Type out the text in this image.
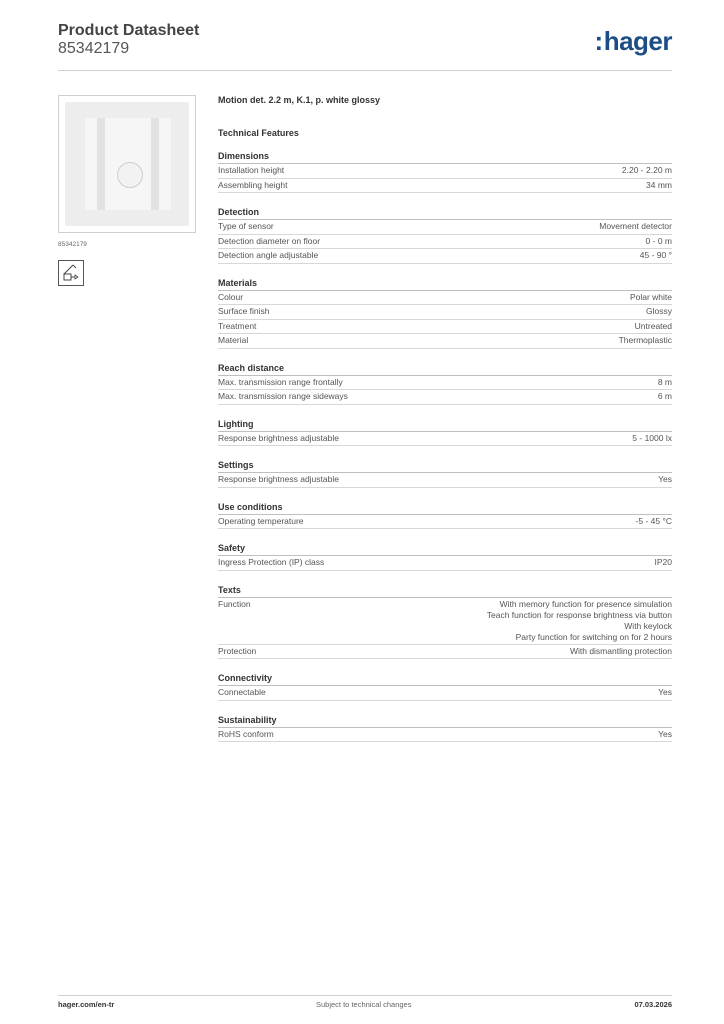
Product Datasheet
85342179	:hager
85342179
Motion det. 2.2 m, K.1, p. white glossy
Technical Features
Dimensions
Installation height	2.20 - 2.20 m
Assembling height	34 mm
Detection
Type of sensor	Movement detector
Detection diameter on floor	0 - 0 m
Detection angle adjustable	45 - 90 °
Materials
Colour	Polar white
Surface finish	Glossy
Treatment	Untreated
Material	Thermoplastic
Reach distance
Max. transmission range frontally	8 m
Max. transmission range sideways	6 m
Lighting
Response brightness adjustable	5 - 1000 lx
Settings
Response brightness adjustable	Yes
Use conditions
Operating temperature	-5 - 45 °C
Safety
Ingress Protection (IP) class	IP20
Texts
Function	With memory function for presence simulation
Teach function for response brightness via button
With keylock
Party function for switching on for 2 hours
Protection	With dismantling protection
Connectivity
Connectable	Yes
Sustainability
RoHS conform	Yes
hager.com/en-tr	Subject to technical changes	07.03.2026
